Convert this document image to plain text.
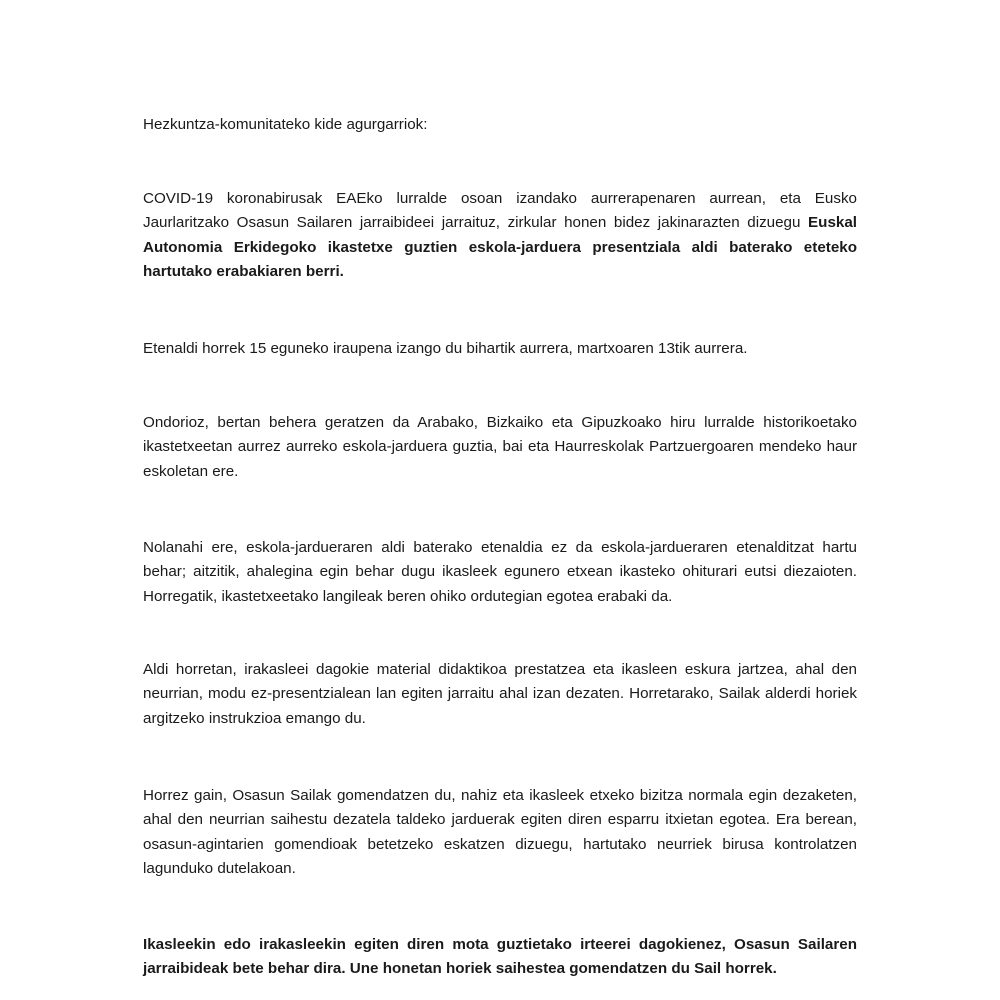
Hezkuntza-komunitateko kide agurgarriok:

COVID-19 koronabirusak EAEko lurralde osoan izandako aurrerapenaren aurrean, eta Eusko Jaurlaritzako Osasun Sailaren jarraibideei jarraituz, zirkular honen bidez jakinarazten dizuegu Euskal Autonomia Erkidegoko ikastetxe guztien eskola-jarduera presentziala aldi baterako eteteko hartutako erabakiaren berri.

Etenaldi horrek 15 eguneko iraupena izango du bihartik aurrera, martxoaren 13tik aurrera.

Ondorioz, bertan behera geratzen da Arabako, Bizkaiko eta Gipuzkoako hiru lurralde historikoetako ikastetxeetan aurrez aurreko eskola-jarduera guztia, bai eta Haurreskolak Partzuergoaren mendeko haur eskoletan ere.

Nolanahi ere, eskola-jardueraren aldi baterako etenaldia ez da eskola-jardueraren etenalditzat hartu behar; aitzitik, ahalegina egin behar dugu ikasleek egunero etxean ikasteko ohiturari eutsi diezaioten. Horregatik, ikastetxeetako langileak beren ohiko ordutegian egotea erabaki da.

Aldi horretan, irakasleei dagokie material didaktikoa prestatzea eta ikasleen eskura jartzea, ahal den neurrian, modu ez-presentzialean lan egiten jarraitu ahal izan dezaten. Horretarako, Sailak alderdi horiek argitzeko instrukzioa emango du.

Horrez gain, Osasun Sailak gomendatzen du, nahiz eta ikasleek etxeko bizitza normala egin dezaketen, ahal den neurrian saihestu dezatela taldeko jarduerak egiten diren esparru itxietan egotea. Era berean, osasun-agintarien gomendioak betetzeko eskatzen dizuegu, hartutako neurriek birusa kontrolatzen lagunduko dutelakoan.

Ikasleekin edo irakasleekin egiten diren mota guztietako irteerei dagokienez, Osasun Sailaren jarraibideak bete behar dira. Une honetan horiek saihestea gomendatzen du Sail horrek.
